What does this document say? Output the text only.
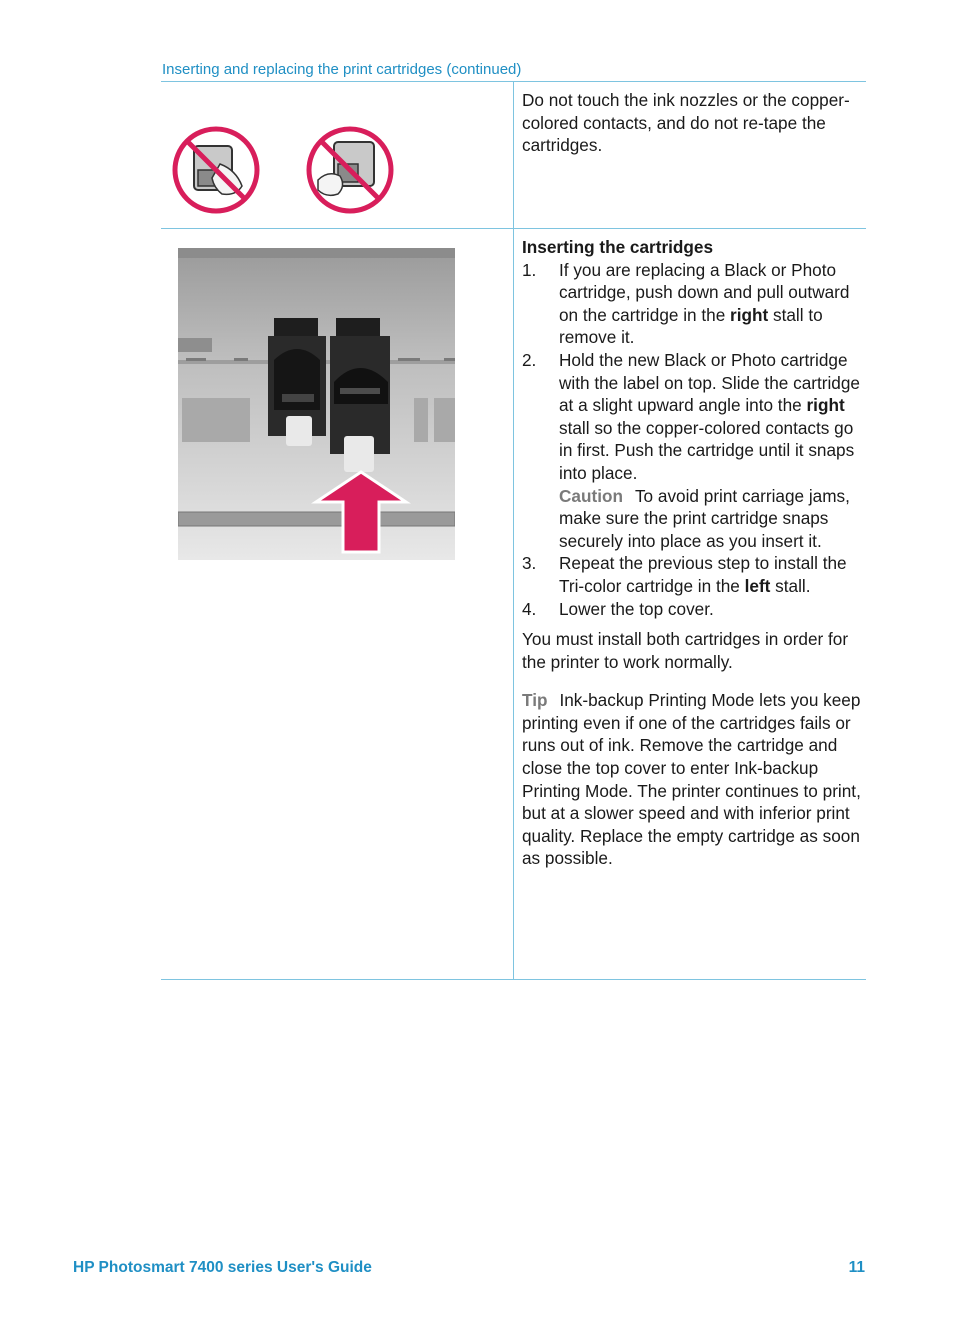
Inserting and replacing the print cartridges (continued)

Do not touch the ink nozzles or the copper-colored contacts, and do not re-tape the cartridges.

Inserting the cartridges

1. If you are replacing a Black or Photo cartridge, push down and pull outward on the cartridge in the right stall to remove it.
2. Hold the new Black or Photo cartridge with the label on top. Slide the cartridge at a slight upward angle into the right stall so the copper-colored contacts go in first. Push the cartridge until it snaps into place.

Caution To avoid print carriage jams, make sure the print cartridge snaps securely into place as you insert it.

3. Repeat the previous step to install the Tri-color cartridge in the left stall.
4. Lower the top cover.

You must install both cartridges in order for the printer to work normally.

Tip Ink-backup Printing Mode lets you keep printing even if one of the cartridges fails or runs out of ink. Remove the cartridge and close the top cover to enter Ink-backup Printing Mode. The printer continues to print, but at a slower speed and with inferior print quality. Replace the empty cartridge as soon as possible.

HP Photosmart 7400 series User's Guide	11
